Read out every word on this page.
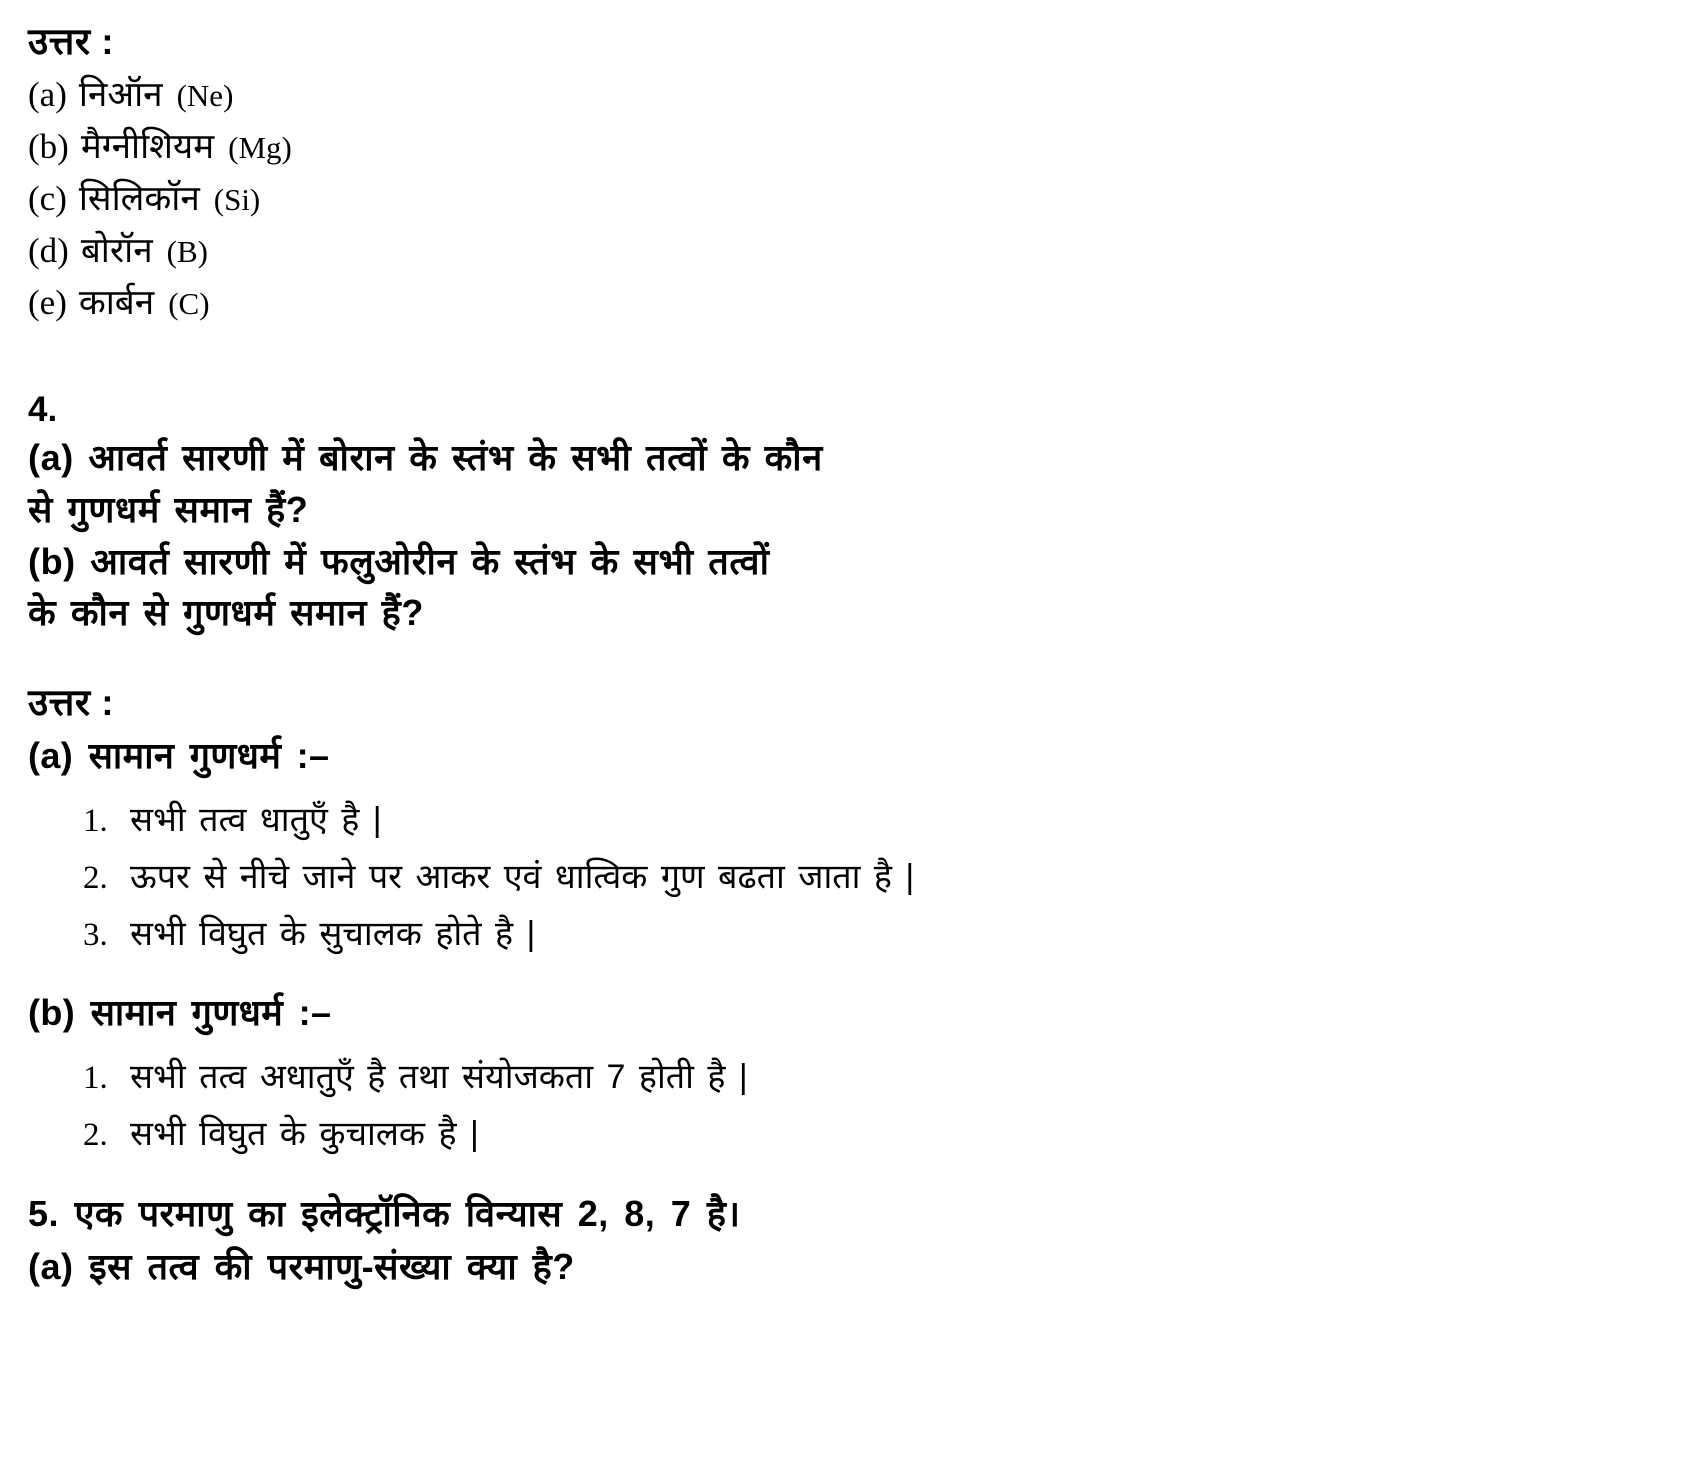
उत्तर :
(a) निऑन (Ne)
(b) मैग्नीशियम (Mg)
(c) सिलिकॉन (Si)
(d) बोरॉन (B)
(e) कार्बन (C)
4.
(a) आवर्त सारणी में बोरान के स्तंभ के सभी तत्वों के कौन
से गुणधर्म समान हैं?
(b) आवर्त सारणी में फलुओरीन के स्तंभ के सभी तत्वों
के कौन से गुणधर्म समान हैं?
उत्तर :
(a) सामान गुणधर्म :–
1. सभी तत्व धातुएँ है |
2. ऊपर से नीचे जाने पर आकर एवं धात्विक गुण बढता जाता है |
3. सभी विघुत के सुचालक होते है |
(b) सामान गुणधर्म :–
1. सभी तत्व अधातुएँ है तथा संयोजकता 7 होती है |
2. सभी विघुत के कुचालक है |
5. एक परमाणु का इलेक्ट्रॉनिक विन्यास 2, 8, 7 है।
(a) इस तत्व की परमाणु-संख्या क्या है?
